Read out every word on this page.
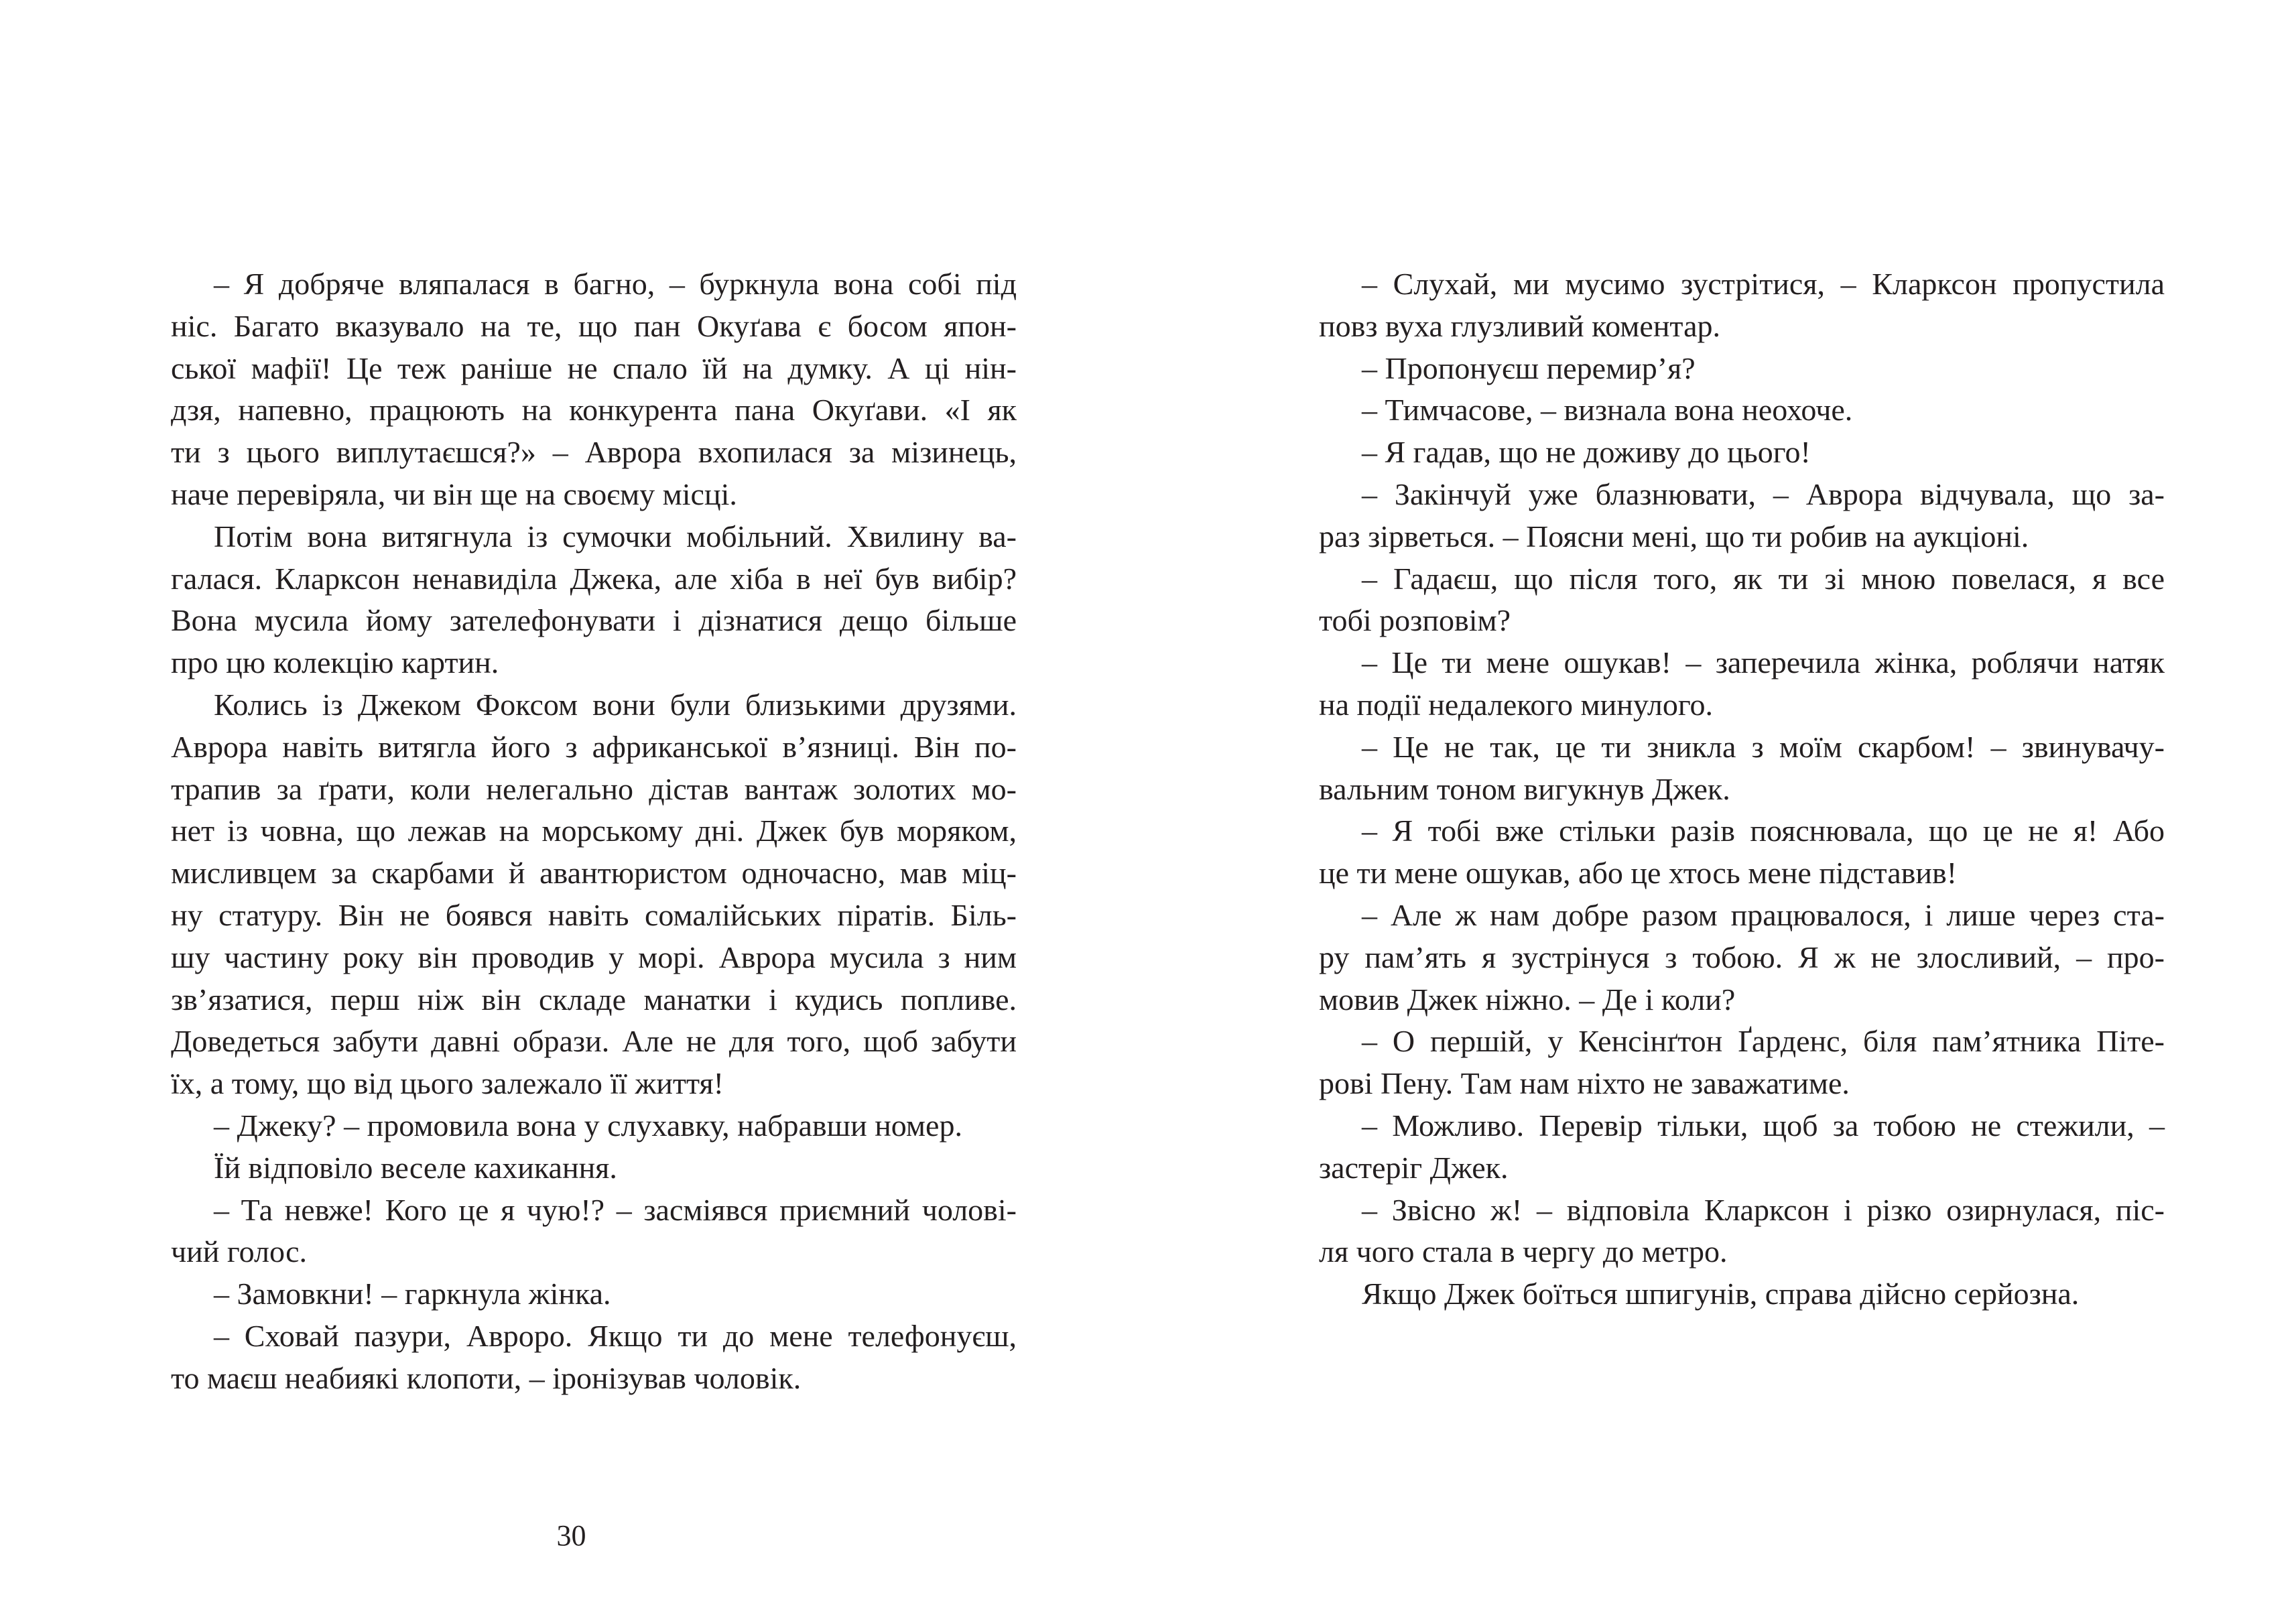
– Я добряче вляпалася в багно, – буркнула вона собі під
ніс. Багато вказувало на те, що пан Окуґава є босом япон-
ської мафії! Це теж раніше не спало їй на думку. А ці нін-
дзя, напевно, працюють на конкурента пана Окуґави. «І як
ти з цього виплутаєшся?» – Аврора вхопилася за мізинець,
наче перевіряла, чи він ще на своєму місці.
Потім вона витягнула із сумочки мобільний. Хвилину ва-
галася. Кларксон ненавиділа Джека, але хіба в неї був вибір?
Вона мусила йому зателефонувати і дізнатися дещо більше
про цю колекцію картин.
Колись із Джеком Фоксом вони були близькими друзями.
Аврора навіть витягла його з африканської в’язниці. Він по-
трапив за ґрати, коли нелегально дістав вантаж золотих мо-
нет із човна, що лежав на морському дні. Джек був моряком,
мисливцем за скарбами й авантюристом одночасно, мав міц-
ну статуру. Він не боявся навіть сомалійських піратів. Біль-
шу частину року він проводив у морі. Аврора мусила з ним
зв’язатися, перш ніж він складе манатки і кудись попливе.
Доведеться забути давні образи. Але не для того, щоб забути
їх, а тому, що від цього залежало її життя!
– Джеку? – промовила вона у слухавку, набравши номер.
Їй відповіло веселе кахикання.
– Та невже! Кого це я чую!? – засміявся приємний чолові-
чий голос.
– Замовкни! – гаркнула жінка.
– Сховай пазури, Авроро. Якщо ти до мене телефонуєш,
то маєш неабиякі клопоти, – іронізував чоловік.
30
– Слухай, ми мусимо зустрітися, – Кларксон пропустила
повз вуха глузливий коментар.
– Пропонуєш перемир’я?
– Тимчасове, – визнала вона неохоче.
– Я гадав, що не доживу до цього!
– Закінчуй уже блазнювати, – Аврора відчувала, що за-
раз зірветься. – Поясни мені, що ти робив на аукціоні.
– Гадаєш, що після того, як ти зі мною повелася, я все
тобі розповім?
– Це ти мене ошукав! – заперечила жінка, роблячи натяк
на події недалекого минулого.
– Це не так, це ти зникла з моїм скарбом! – звинувачу-
вальним тоном вигукнув Джек.
– Я тобі вже стільки разів пояснювала, що це не я! Або
це ти мене ошукав, або це хтось мене підставив!
– Але ж нам добре разом працювалося, і лише через ста-
ру пам’ять я зустрінуся з тобою. Я ж не злосливий, – про-
мовив Джек ніжно. – Де і коли?
– О першій, у Кенсінґтон Ґарденс, біля пам’ятника Піте-
рові Пену. Там нам ніхто не заважатиме.
– Можливо. Перевір тільки, щоб за тобою не стежили, –
застеріг Джек.
– Звісно ж! – відповіла Кларксон і різко озирнулася, піс-
ля чого стала в чергу до метро.
Якщо Джек боїться шпигунів, справа дійсно серйозна.
